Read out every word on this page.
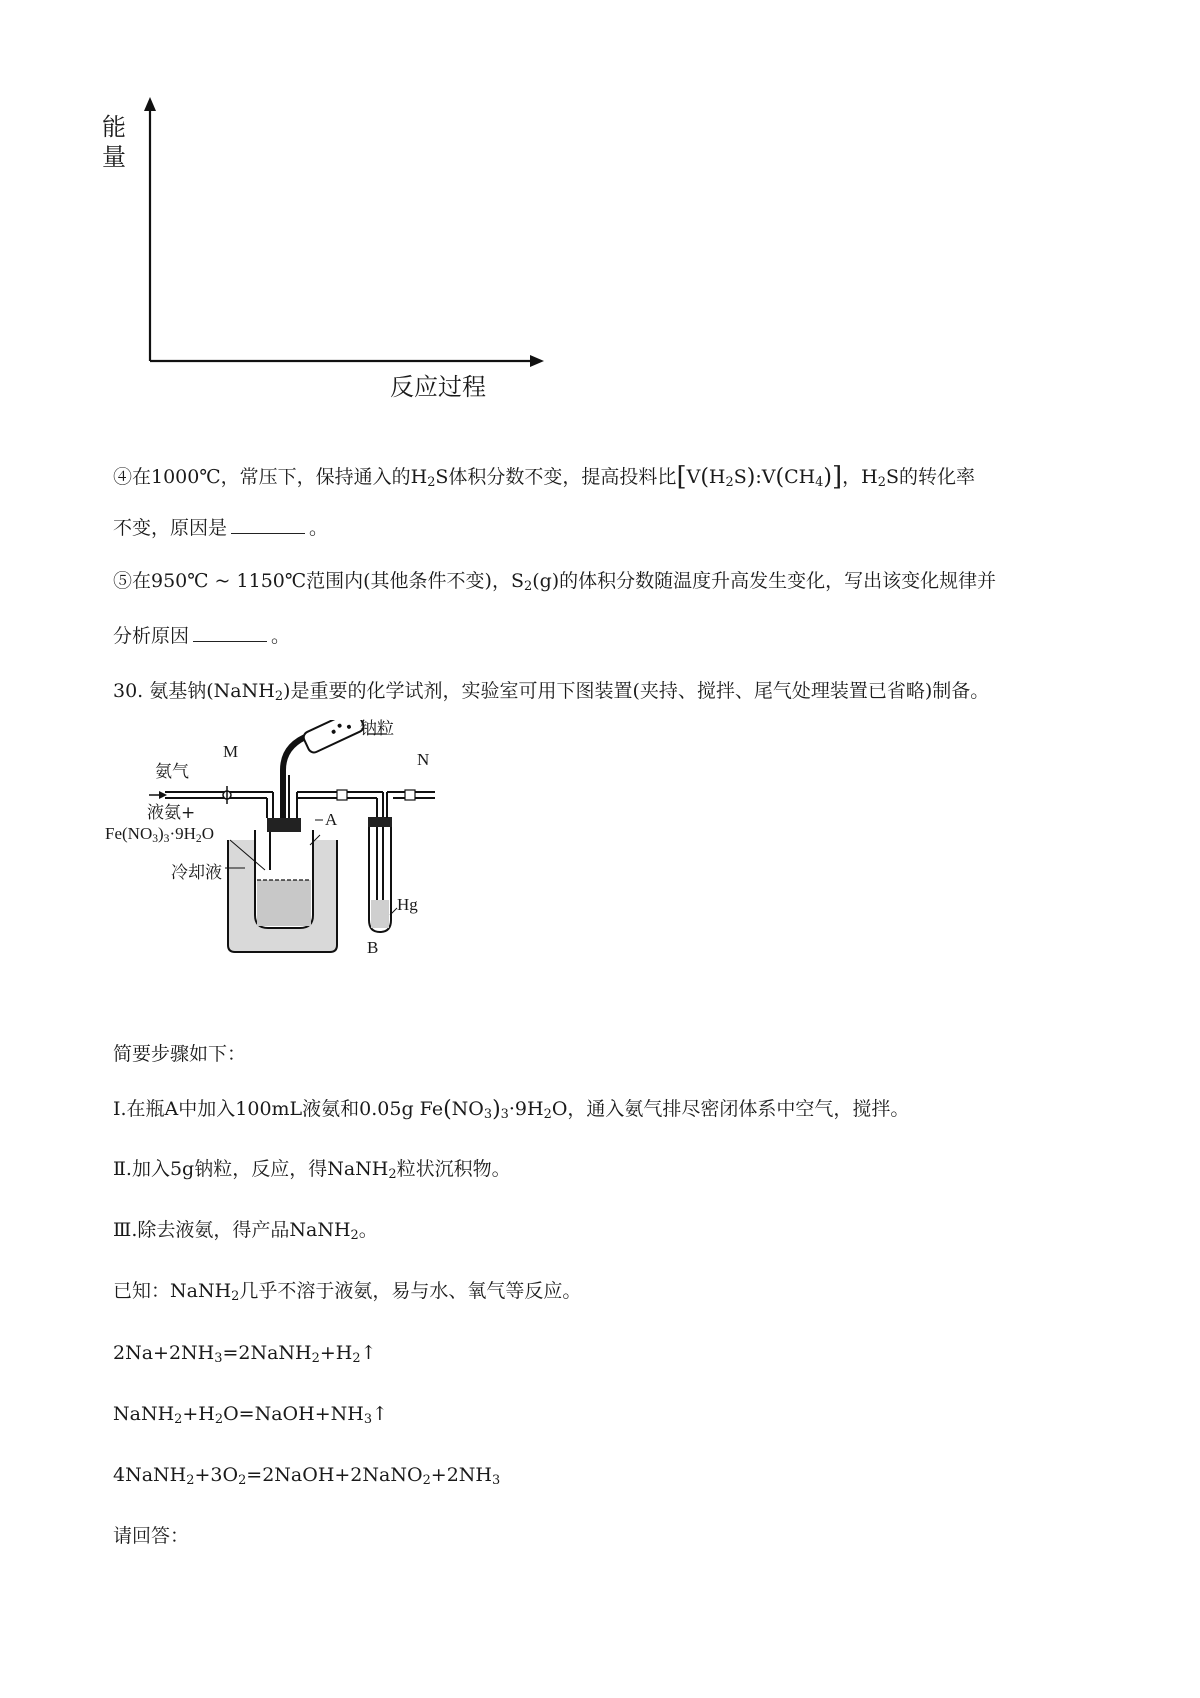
能
量
反应过程
④在1000℃，常压下，保持通入的$H_2S$体积分数不变，提高投料比$[V(H_2S):V(CH_4)]$，$H_2S$的转化率
不变，原因是	。
⑤在950℃ ~ 1150℃范围内(其他条件不变)，$S_2(g)$的体积分数随温度升高发生变化，写出该变化规律并
分析原因	。
30. 氨基钠(NaNH$_2$)是重要的化学试剂，实验室可用下图装置(夹持、搅拌、尾气处理装置已省略)制备。
钠粒
氨气
M	N
液氨+
$Fe(NO_3)_3\cdot 9H_2O$
A
冷却液
Hg
B
简要步骤如下：
Ⅰ.在瓶A中加入100mL液氨和0.05g $Fe(NO_3)_3\cdot 9H_2O$，通入氨气排尽密闭体系中空气，搅拌。
Ⅱ.加入5g钠粒，反应，得NaNH$_2$粒状沉积物。
Ⅲ.除去液氨，得产品NaNH$_2$。
已知：NaNH$_2$几乎不溶于液氨，易与水、氧气等反应。
$2Na+2NH_3=2NaNH_2+H_2↑$
$NaNH_2+H_2O=NaOH+NH_3↑$
$4NaNH_2+3O_2=2NaOH+2NaNO_2+2NH_3$
请回答：
